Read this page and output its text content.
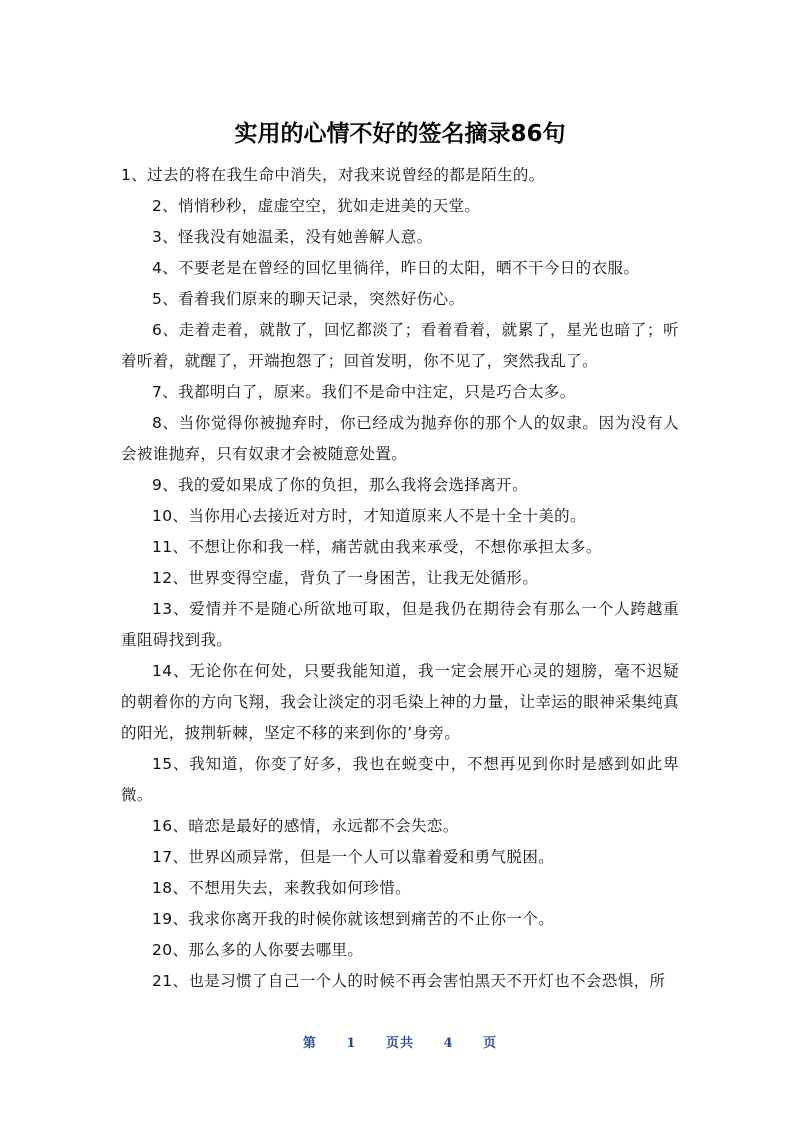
实用的心情不好的签名摘录86句

1、过去的将在我生命中消失，对我来说曾经的都是陌生的。

2、悄悄秒秒，虚虚空空，犹如走进美的天堂。

3、怪我没有她温柔，没有她善解人意。

4、不要老是在曾经的回忆里徜徉，昨日的太阳，晒不干今日的衣服。

5、看着我们原来的聊天记录，突然好伤心。

6、走着走着，就散了，回忆都淡了；看着看着，就累了，星光也暗了；听着听着，就醒了，开端抱怨了；回首发明，你不见了，突然我乱了。

7、我都明白了，原来。我们不是命中注定，只是巧合太多。

8、当你觉得你被抛弃时，你已经成为抛弃你的那个人的奴隶。因为没有人会被谁抛弃，只有奴隶才会被随意处置。

9、我的爱如果成了你的负担，那么我将会选择离开。

10、当你用心去接近对方时，才知道原来人不是十全十美的。

11、不想让你和我一样，痛苦就由我来承受，不想你承担太多。

12、世界变得空虚，背负了一身困苦，让我无处循形。

13、爱情并不是随心所欲地可取，但是我仍在期待会有那么一个人跨越重重阻碍找到我。

14、无论你在何处，只要我能知道，我一定会展开心灵的翅膀，毫不迟疑的朝着你的方向飞翔，我会让淡定的羽毛染上神的力量，让幸运的眼神采集纯真的阳光，披荆斩棘，坚定不移的来到你的’身旁。

15、我知道，你变了好多，我也在蜕变中，不想再见到你时是感到如此卑微。

16、暗恋是最好的感情，永远都不会失恋。

17、世界凶顽异常，但是一个人可以靠着爱和勇气脱困。

18、不想用失去，来教我如何珍惜。

19、我求你离开我的时候你就该想到痛苦的不止你一个。

20、那么多的人你要去哪里。

21、也是习惯了自己一个人的时候不再会害怕黑天不开灯也不会恐惧，所

第 1 页共 4 页
